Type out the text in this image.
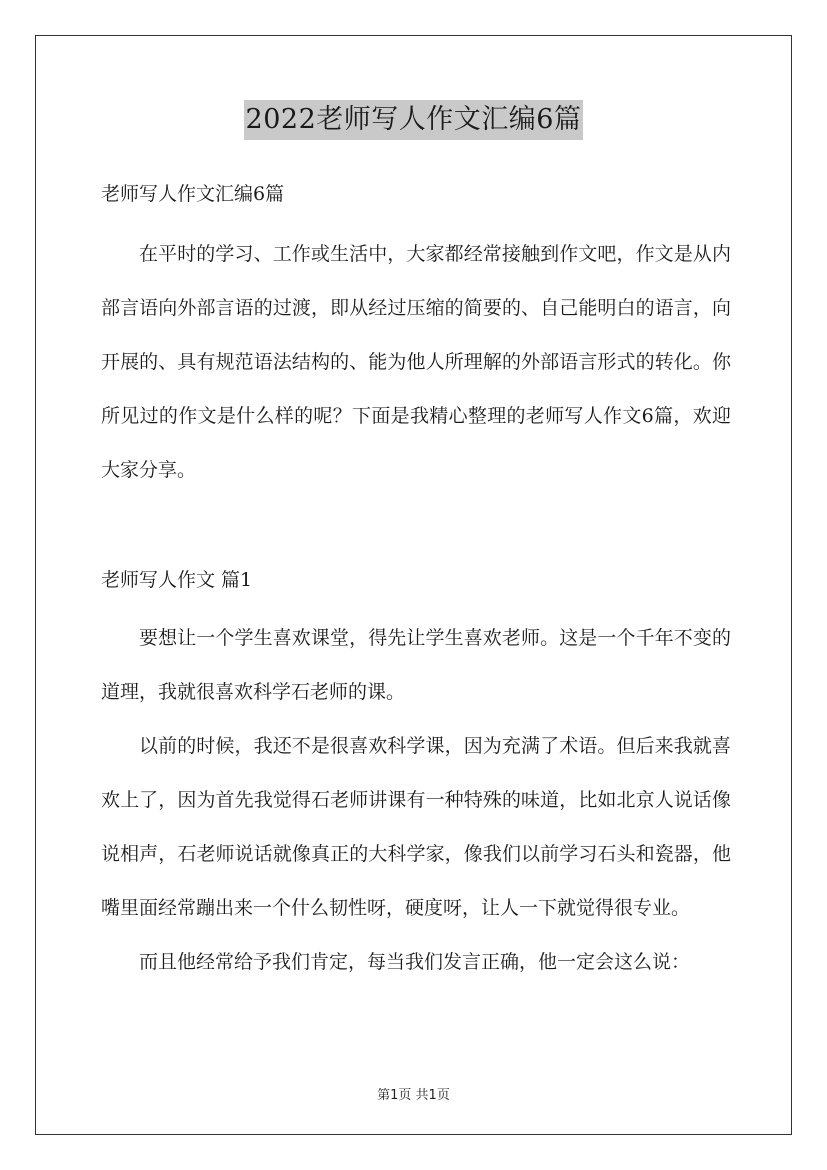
2022老师写人作文汇编6篇
老师写人作文汇编6篇

在平时的学习、工作或生活中，大家都经常接触到作文吧，作文是从内部言语向外部言语的过渡，即从经过压缩的简要的、自己能明白的语言，向开展的、具有规范语法结构的、能为他人所理解的外部语言形式的转化。你所见过的作文是什么样的呢？下面是我精心整理的老师写人作文6篇，欢迎大家分享。

老师写人作文 篇1

要想让一个学生喜欢课堂，得先让学生喜欢老师。这是一个千年不变的道理，我就很喜欢科学石老师的课。

以前的时候，我还不是很喜欢科学课，因为充满了术语。但后来我就喜欢上了，因为首先我觉得石老师讲课有一种特殊的味道，比如北京人说话像说相声，石老师说话就像真正的大科学家，像我们以前学习石头和瓷器，他嘴里面经常蹦出来一个什么韧性呀，硬度呀，让人一下就觉得很专业。

而且他经常给予我们肯定，每当我们发言正确，他一定会这么说：

第1页 共1页
